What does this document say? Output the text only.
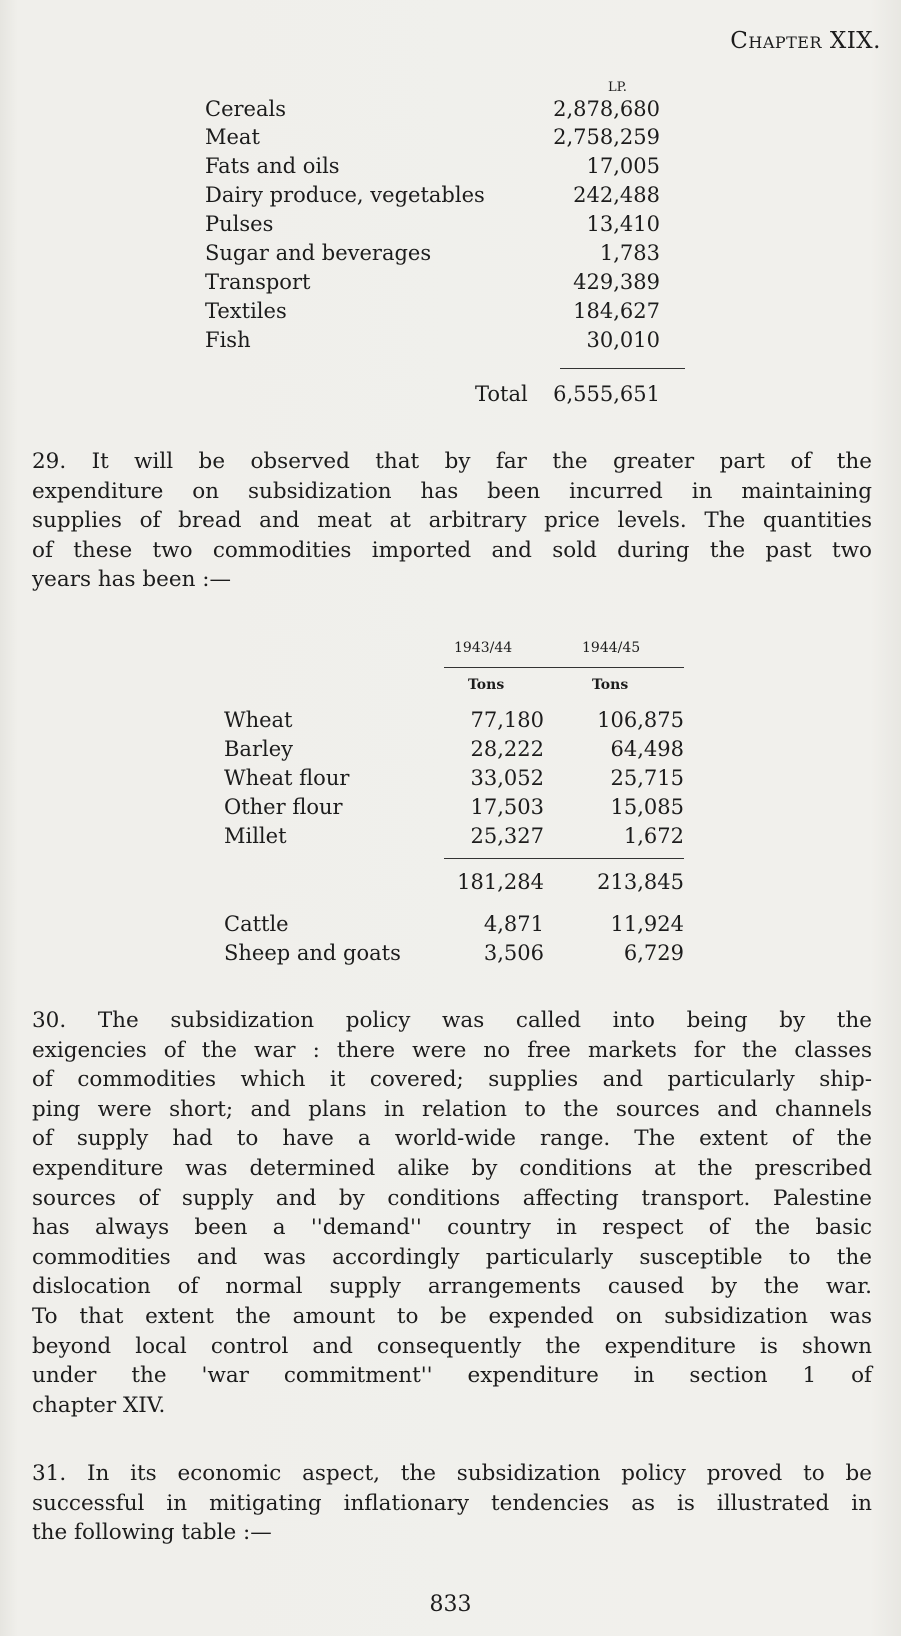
Chapter XIX.
LP.
Cereals	2,878,680
Meat	2,758,259
Fats and oils	17,005
Dairy produce, vegetables	242,488
Pulses	13,410
Sugar and beverages	1,783
Transport	429,389
Textiles	184,627
Fish	30,010
Total 6,555,651
29. It will be observed that by far the greater part of the
expenditure on subsidization has been incurred in maintaining
supplies of bread and meat at arbitrary price levels. The quantities
of these two commodities imported and sold during the past two
years has been :—
1943/44	1944/45
Tons	Tons
Wheat	77,180	106,875
Barley	28,222	64,498
Wheat flour	33,052	25,715
Other flour	17,503	15,085
Millet	25,327	1,672
181,284	213,845
Cattle	4,871	11,924
Sheep and goats	3,506	6,729
30. The subsidization policy was called into being by the
exigencies of the war : there were no free markets for the classes
of commodities which it covered; supplies and particularly ship-
ping were short; and plans in relation to the sources and channels
of supply had to have a world-wide range. The extent of the
expenditure was determined alike by conditions at the prescribed
sources of supply and by conditions affecting transport. Palestine
has always been a ''demand'' country in respect of the basic
commodities and was accordingly particularly susceptible to the
dislocation of normal supply arrangements caused by the war.
To that extent the amount to be expended on subsidization was
beyond local control and consequently the expenditure is shown
under the 'war commitment'' expenditure in section 1 of
chapter XIV.
31. In its economic aspect, the subsidization policy proved to be
successful in mitigating inflationary tendencies as is illustrated in
the following table :—
833
